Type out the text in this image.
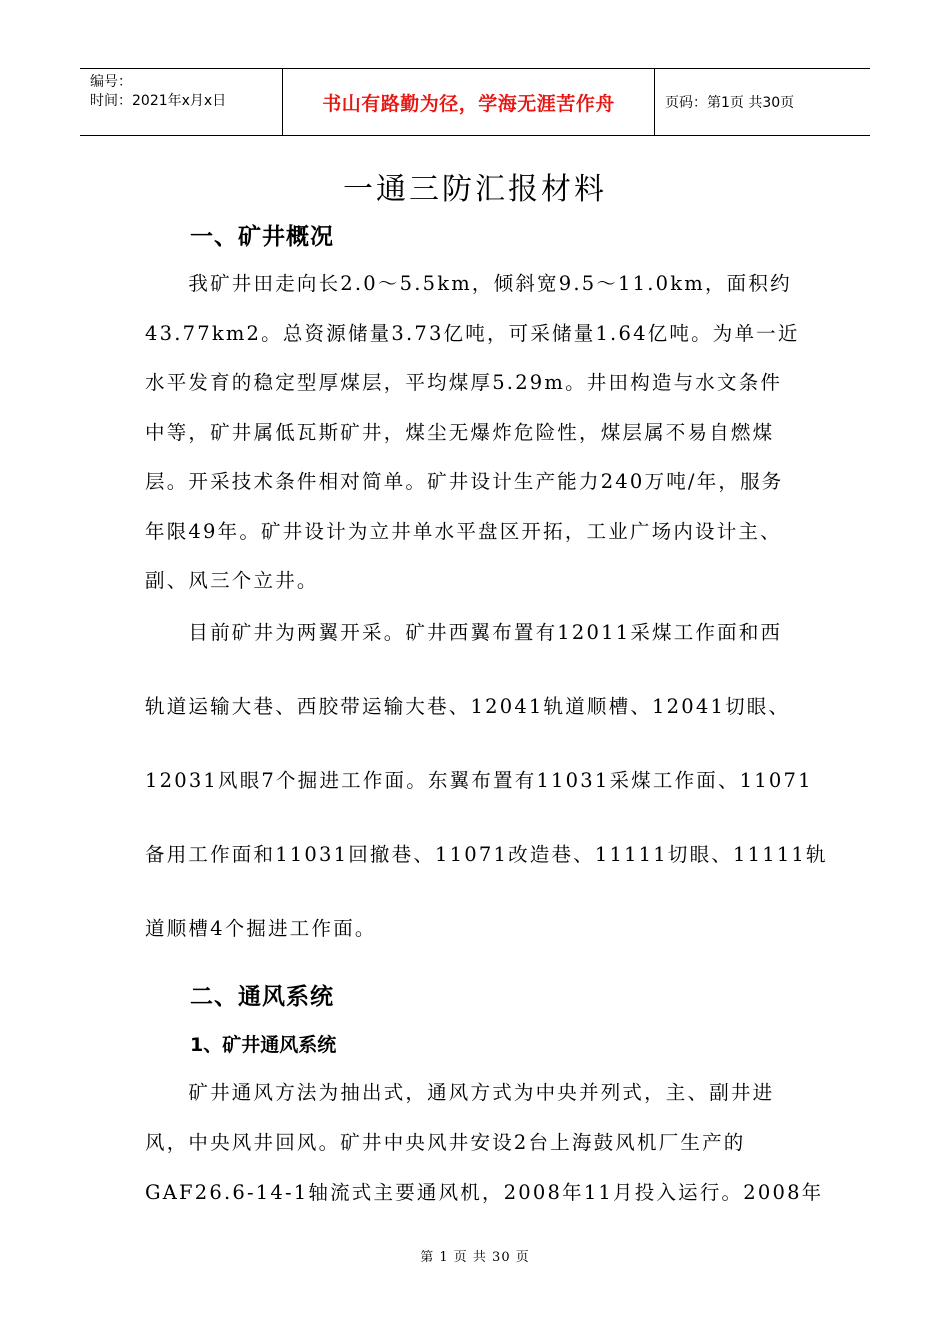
编号：
时间：2021年x月x日	书山有路勤为径，学海无涯苦作舟	页码：第1页 共30页
一通三防汇报材料
一、矿井概况
　　我矿井田走向长2.0～5.5km，倾斜宽9.5～11.0km，面积约
43.77km2。总资源储量3.73亿吨，可采储量1.64亿吨。为单一近
水平发育的稳定型厚煤层，平均煤厚5.29m。井田构造与水文条件
中等，矿井属低瓦斯矿井，煤尘无爆炸危险性，煤层属不易自燃煤
层。开采技术条件相对简单。矿井设计生产能力240万吨/年，服务
年限49年。矿井设计为立井单水平盘区开拓，工业广场内设计主、
副、风三个立井。
　　目前矿井为两翼开采。矿井西翼布置有12011采煤工作面和西
轨道运输大巷、西胶带运输大巷、12041轨道顺槽、12041切眼、
12031风眼7个掘进工作面。东翼布置有11031采煤工作面、11071
备用工作面和11031回撤巷、11071改造巷、11111切眼、11111轨
道顺槽4个掘进工作面。
二、通风系统
1、矿井通风系统
　　矿井通风方法为抽出式，通风方式为中央并列式，主、副井进
风，中央风井回风。矿井中央风井安设2台上海鼓风机厂生产的
GAF26.6-14-1轴流式主要通风机，2008年11月投入运行。2008年
第 1 页 共 30 页
